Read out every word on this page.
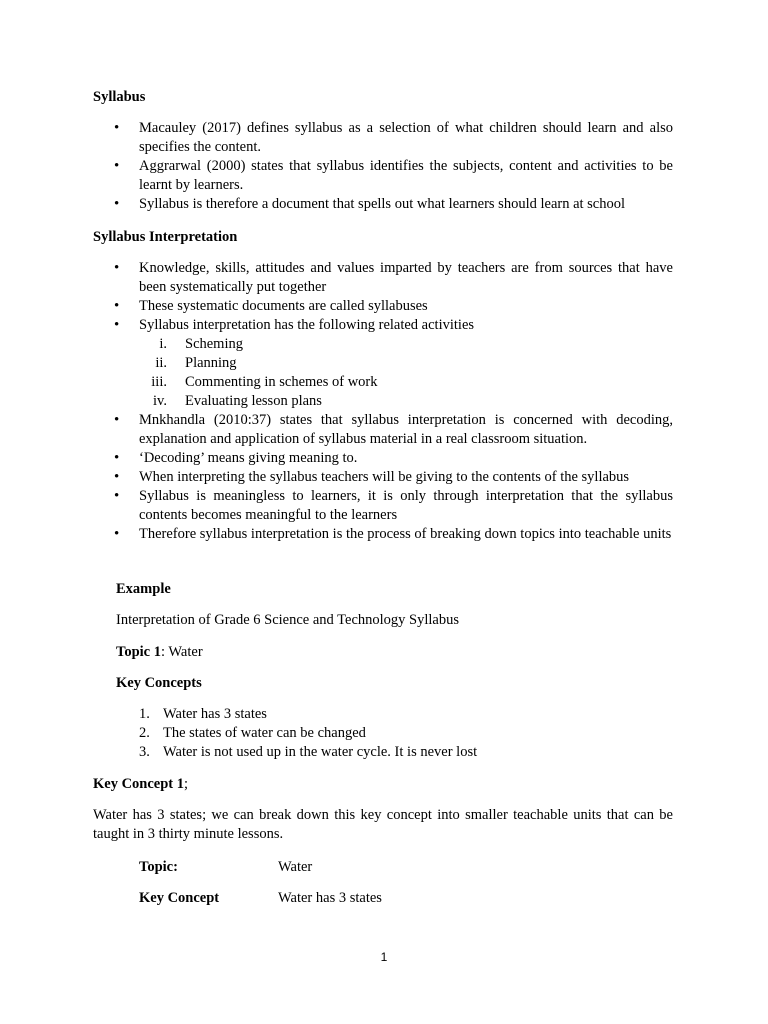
Syllabus
• Macauley (2017) defines syllabus as a selection of what children should learn and also specifies the content.
• Aggrarwal (2000) states that syllabus identifies the subjects, content and activities to be learnt by learners.
• Syllabus is therefore a document that spells out what learners should learn at school
Syllabus Interpretation
• Knowledge, skills, attitudes and values imparted by teachers are from sources that have been systematically put together
• These systematic documents are called syllabuses
• Syllabus interpretation has the following related activities
i. Scheming
ii. Planning
iii. Commenting in schemes of work
iv. Evaluating lesson plans
• Mnkhandla (2010:37) states that syllabus interpretation is concerned with decoding, explanation and application of syllabus material in a real classroom situation.
• ‘Decoding’ means giving meaning to.
• When interpreting the syllabus teachers will be giving to the contents of the syllabus
• Syllabus is meaningless to learners, it is only through interpretation that the syllabus contents becomes meaningful to the learners
• Therefore syllabus interpretation is the process of breaking down topics into teachable units
Example
Interpretation of Grade 6 Science and Technology Syllabus
Topic 1: Water
Key Concepts
1. Water has 3 states
2. The states of water can be changed
3. Water is not used up in the water cycle. It is never lost
Key Concept 1;
Water has 3 states; we can break down this key concept into smaller teachable units that can be taught in 3 thirty minute lessons.
Topic:	Water
Key Concept	Water has 3 states
1
